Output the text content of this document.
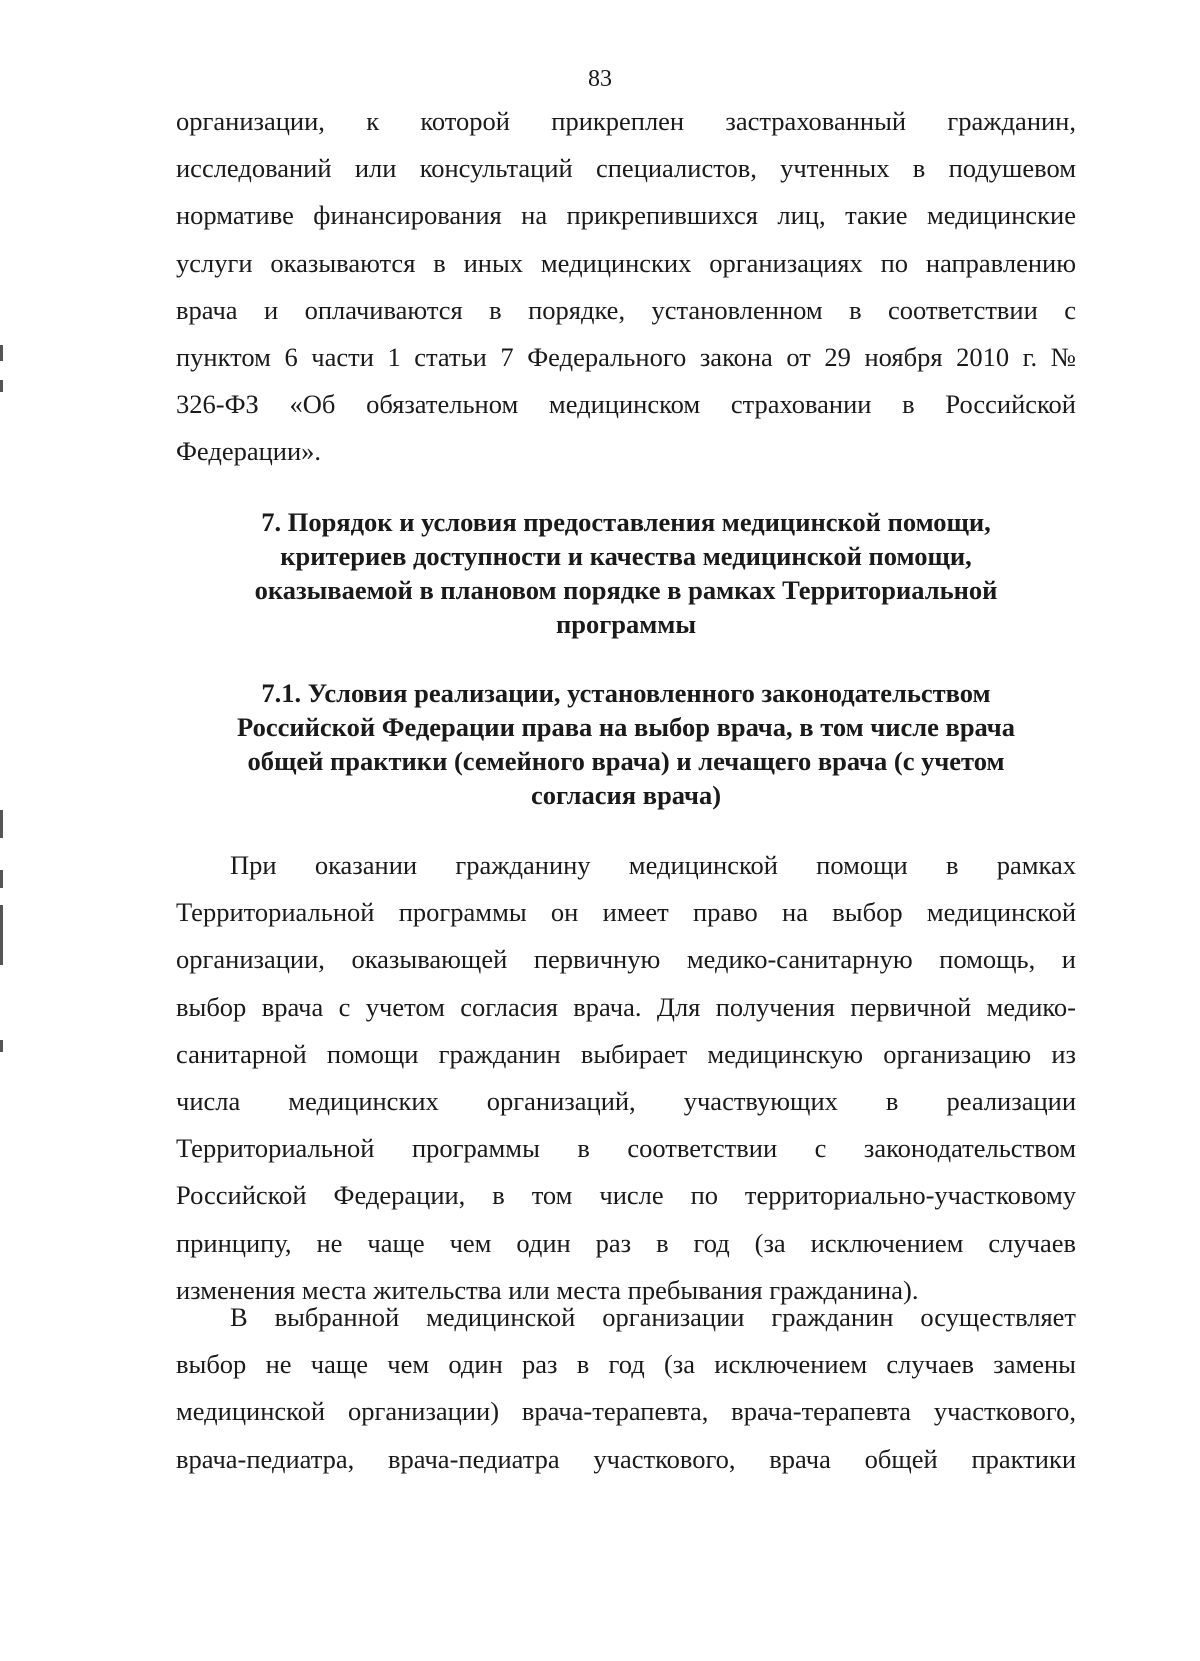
83
организации, к которой прикреплен застрахованный гражданин,
исследований или консультаций специалистов, учтенных в подушевом
нормативе финансирования на прикрепившихся лиц, такие медицинские
услуги оказываются в иных медицинских организациях по направлению
врача и оплачиваются в порядке, установленном в соответствии с
пунктом 6 части 1 статьи 7 Федерального закона от 29 ноября 2010 г. №
326-ФЗ «Об обязательном медицинском страховании в Российской
Федерации».
7. Порядок и условия предоставления медицинской помощи,
критериев доступности и качества медицинской помощи,
оказываемой в плановом порядке в рамках Территориальной
программы
7.1. Условия реализации, установленного законодательством
Российской Федерации права на выбор врача, в том числе врача
общей практики (семейного врача) и лечащего врача (с учетом
согласия врача)
При оказании гражданину медицинской помощи в рамках
Территориальной программы он имеет право на выбор медицинской
организации, оказывающей первичную медико-санитарную помощь, и
выбор врача с учетом согласия врача. Для получения первичной медико-
санитарной помощи гражданин выбирает медицинскую организацию из
числа медицинских организаций, участвующих в реализации
Территориальной программы в соответствии с законодательством
Российской Федерации, в том числе по территориально-участковому
принципу, не чаще чем один раз в год (за исключением случаев
изменения места жительства или места пребывания гражданина).
В выбранной медицинской организации гражданин осуществляет
выбор не чаще чем один раз в год (за исключением случаев замены
медицинской организации) врача-терапевта, врача-терапевта участкового,
врача-педиатра, врача-педиатра участкового, врача общей практики
